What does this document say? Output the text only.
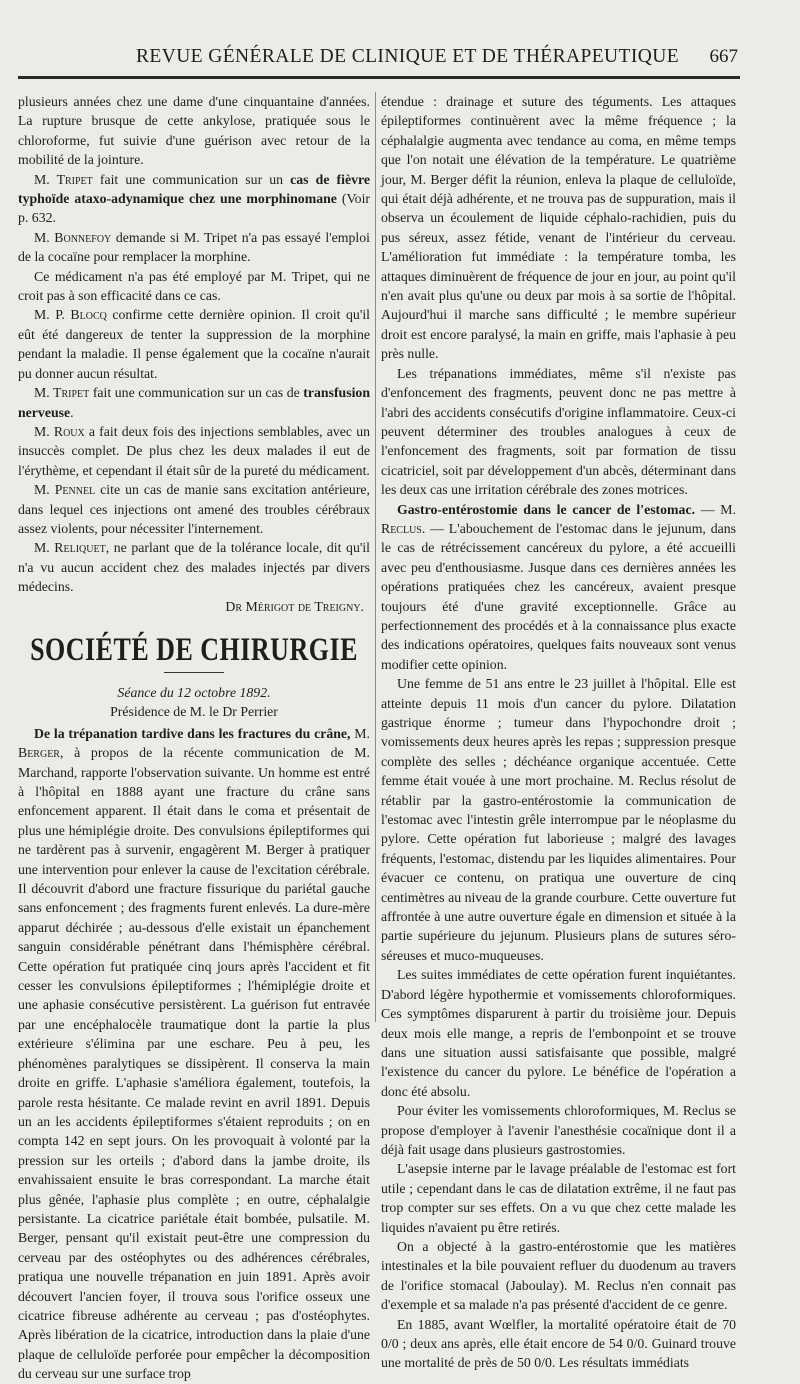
REVUE GÉNÉRALE DE CLINIQUE ET DE THÉRAPEUTIQUE 667

plusieurs années chez une dame d'une cinquantaine d'années. La rupture brusque de cette ankylose, pratiquée sous le chloroforme, fut suivie d'une guérison avec retour de la mobilité de la jointure.

M. Tripet fait une communication sur un cas de fièvre typhoïde ataxo-adynamique chez une morphinomane (Voir p. 632.

M. Bonnefoy demande si M. Tripet n'a pas essayé l'emploi de la cocaïne pour remplacer la morphine.

Ce médicament n'a pas été employé par M. Tripet, qui ne croit pas à son efficacité dans ce cas.

M. P. Blocq confirme cette dernière opinion. Il croit qu'il eût été dangereux de tenter la suppression de la morphine pendant la maladie. Il pense également que la cocaïne n'aurait pu donner aucun résultat.

M. Tripet fait une communication sur un cas de transfusion nerveuse.

M. Roux a fait deux fois des injections semblables, avec un insuccès complet. De plus chez les deux malades il eut de l'érythème, et cependant il était sûr de la pureté du médicament.

M. Pennel cite un cas de manie sans excitation antérieure, dans lequel ces injections ont amené des troubles cérébraux assez violents, pour nécessiter l'internement.

M. Reliquet, ne parlant que de la tolérance locale, dit qu'il n'a vu aucun accident chez des malades injectés par divers médecins.

Dr Mérigot de Treigny.

SOCIÉTÉ DE CHIRURGIE

Séance du 12 octobre 1892.

Présidence de M. le Dr Perrier

De la trépanation tardive dans les fractures du crâne, M. Berger, à propos de la récente communication de M. Marchand, rapporte l'observation suivante. Un homme est entré à l'hôpital en 1888 ayant une fracture du crâne sans enfoncement apparent. Il était dans le coma et présentait de plus une hémiplégie droite. Des convulsions épileptiformes qui ne tardèrent pas à survenir, engagèrent M. Berger à pratiquer une intervention pour enlever la cause de l'excitation cérébrale. Il découvrit d'abord une fracture fissurique du pariétal gauche sans enfoncement ; des fragments furent enlevés. La dure-mère apparut déchirée ; au-dessous d'elle existait un épanchement sanguin considérable pénétrant dans l'hémisphère cérébral. Cette opération fut pratiquée cinq jours après l'accident et fit cesser les convulsions épileptiformes ; l'hémiplégie droite et une aphasie consécutive persistèrent. La guérison fut entravée par une encéphalocèle traumatique dont la partie la plus extérieure s'élimina par une eschare. Peu à peu, les phénomènes paralytiques se dissipèrent. Il conserva la main droite en griffe. L'aphasie s'améliora également, toutefois, la parole resta hésitante. Ce malade revint en avril 1891. Depuis un an les accidents épileptiformes s'étaient reproduits ; on en compta 142 en sept jours. On les provoquait à volonté par la pression sur les orteils ; d'abord dans la jambe droite, ils envahissaient ensuite le bras correspondant. La marche était plus gênée, l'aphasie plus complète ; en outre, céphalalgie persistante. La cicatrice pariétale était bombée, pulsatile. M. Berger, pensant qu'il existait peut-être une compression du cerveau par des ostéophytes ou des adhérences cérébrales, pratiqua une nouvelle trépanation en juin 1891. Après avoir découvert l'ancien foyer, il trouva sous l'orifice osseux une cicatrice fibreuse adhérente au cerveau ; pas d'ostéophytes. Après libération de la cicatrice, introduction dans la plaie d'une plaque de celluloïde perforée pour empêcher la décomposition du cerveau sur une surface trop

étendue : drainage et suture des téguments. Les attaques épileptiformes continuèrent avec la même fréquence ; la céphalalgie augmenta avec tendance au coma, en même temps que l'on notait une élévation de la température. Le quatrième jour, M. Berger défit la réunion, enleva la plaque de celluloïde, qui était déjà adhérente, et ne trouva pas de suppuration, mais il observa un écoulement de liquide céphalo-rachidien, puis du pus séreux, assez fétide, venant de l'intérieur du cerveau. L'amélioration fut immédiate : la température tomba, les attaques diminuèrent de fréquence de jour en jour, au point qu'il n'en avait plus qu'une ou deux par mois à sa sortie de l'hôpital. Aujourd'hui il marche sans difficulté ; le membre supérieur droit est encore paralysé, la main en griffe, mais l'aphasie à peu près nulle.

Les trépanations immédiates, même s'il n'existe pas d'enfoncement des fragments, peuvent donc ne pas mettre à l'abri des accidents consécutifs d'origine inflammatoire. Ceux-ci peuvent déterminer des troubles analogues à ceux de l'enfoncement des fragments, soit par formation de tissu cicatriciel, soit par développement d'un abcès, déterminant dans les deux cas une irritation cérébrale des zones motrices.

Gastro-entérostomie dans le cancer de l'estomac. — M. Reclus. — L'abouchement de l'estomac dans le jejunum, dans le cas de rétrécissement cancéreux du pylore, a été accueilli avec peu d'enthousiasme. Jusque dans ces dernières années les opérations pratiquées chez les cancéreux, avaient presque toujours été d'une gravité exceptionnelle. Grâce au perfectionnement des procédés et à la connaissance plus exacte des indications opératoires, quelques faits nouveaux sont venus modifier cette opinion.

Une femme de 51 ans entre le 23 juillet à l'hôpital. Elle est atteinte depuis 11 mois d'un cancer du pylore. Dilatation gastrique énorme ; tumeur dans l'hypochondre droit ; vomissements deux heures après les repas ; suppression presque complète des selles ; déchéance organique accentuée. Cette femme était vouée à une mort prochaine. M. Reclus résolut de rétablir par la gastro-entérostomie la communication de l'estomac avec l'intestin grêle interrompue par le néoplasme du pylore. Cette opération fut laborieuse ; malgré des lavages fréquents, l'estomac, distendu par les liquides alimentaires. Pour évacuer ce contenu, on pratiqua une ouverture de cinq centimètres au niveau de la grande courbure. Cette ouverture fut affrontée à une autre ouverture égale en dimension et située à la partie supérieure du jejunum. Plusieurs plans de sutures séro-séreuses et muco-muqueuses.

Les suites immédiates de cette opération furent inquiétantes. D'abord légère hypothermie et vomissements chloroformiques. Ces symptômes disparurent à partir du troisième jour. Depuis deux mois elle mange, a repris de l'embonpoint et se trouve dans une situation aussi satisfaisante que possible, malgré l'existence du cancer du pylore. Le bénéfice de l'opération a donc été absolu.

Pour éviter les vomissements chloroformiques, M. Reclus se propose d'employer à l'avenir l'anesthésie cocaïnique dont il a déjà fait usage dans plusieurs gastrostomies.

L'asepsie interne par le lavage préalable de l'estomac est fort utile ; cependant dans le cas de dilatation extrême, il ne faut pas trop compter sur ses effets. On a vu que chez cette malade les liquides n'avaient pu être retirés.

On a objecté à la gastro-entérostomie que les matières intestinales et la bile pouvaient refluer du duodenum au travers de l'orifice stomacal (Jaboulay). M. Reclus n'en connait pas d'exemple et sa malade n'a pas présenté d'accident de ce genre.

En 1885, avant Wœlfler, la mortalité opératoire était de 70 0/0 ; deux ans après, elle était encore de 54 0/0. Guinard trouve une mortalité de près de 50 0/0. Les résultats immédiats
